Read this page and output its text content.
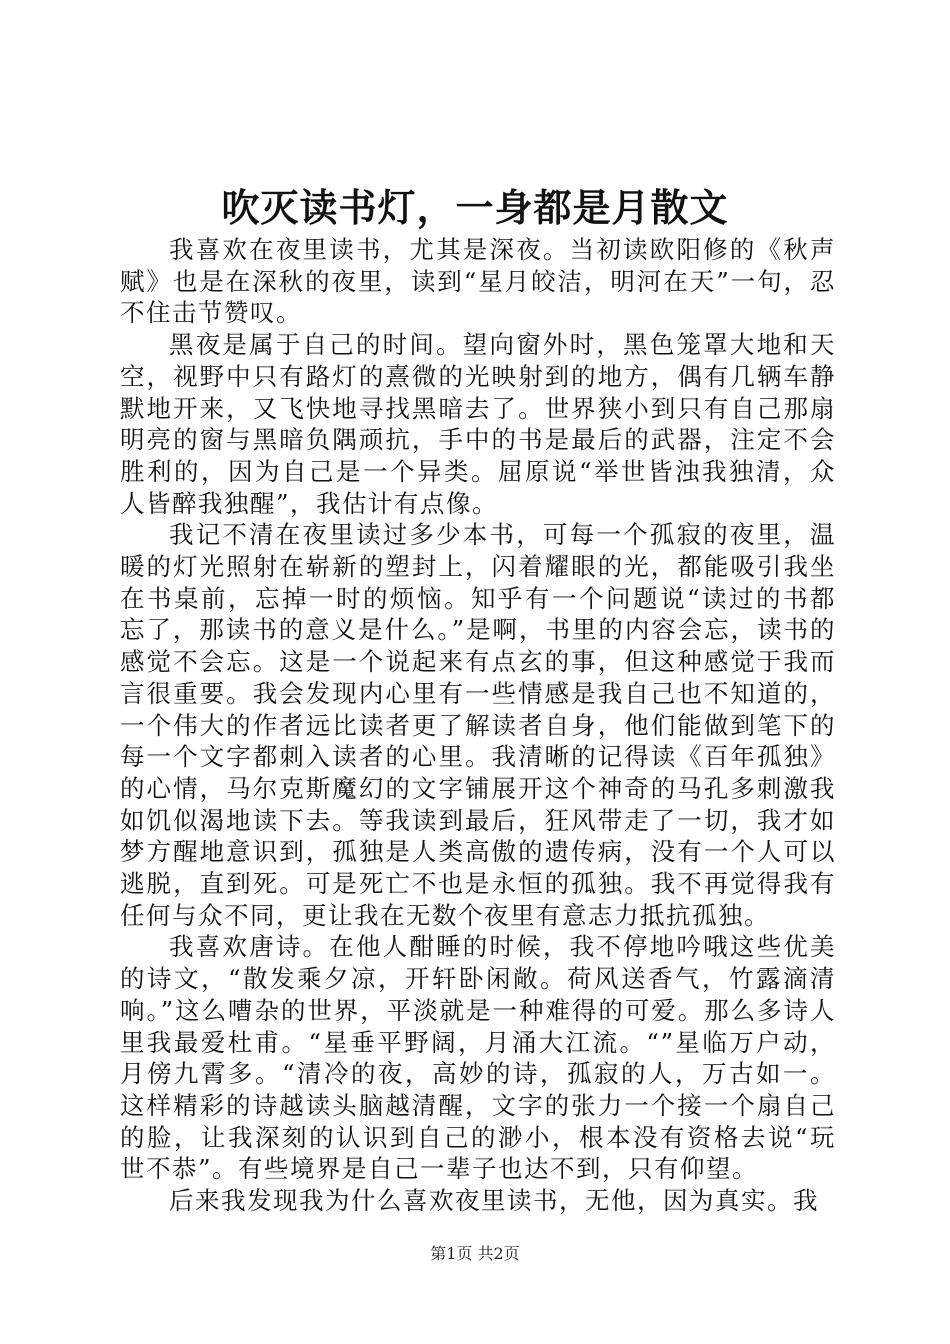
吹灭读书灯，一身都是月散文

我喜欢在夜里读书，尤其是深夜。当初读欧阳修的《秋声赋》也是在深秋的夜里，读到“星月皎洁，明河在天”一句，忍不住击节赞叹。

黑夜是属于自己的时间。望向窗外时，黑色笼罩大地和天空，视野中只有路灯的熹微的光映射到的地方，偶有几辆车静默地开来，又飞快地寻找黑暗去了。世界狭小到只有自己那扇明亮的窗与黑暗负隅顽抗，手中的书是最后的武器，注定不会胜利的，因为自己是一个异类。屈原说“举世皆浊我独清，众人皆醉我独醒”，我估计有点像。

我记不清在夜里读过多少本书，可每一个孤寂的夜里，温暖的灯光照射在崭新的塑封上，闪着耀眼的光，都能吸引我坐在书桌前，忘掉一时的烦恼。知乎有一个问题说“读过的书都忘了，那读书的意义是什么。”是啊，书里的内容会忘，读书的感觉不会忘。这是一个说起来有点玄的事，但这种感觉于我而言很重要。我会发现内心里有一些情感是我自己也不知道的，一个伟大的作者远比读者更了解读者自身，他们能做到笔下的每一个文字都刺入读者的心里。我清晰的记得读《百年孤独》的心情，马尔克斯魔幻的文字铺展开这个神奇的马孔多刺激我如饥似渴地读下去。等我读到最后，狂风带走了一切，我才如梦方醒地意识到，孤独是人类高傲的遗传病，没有一个人可以逃脱，直到死。可是死亡不也是永恒的孤独。我不再觉得我有任何与众不同，更让我在无数个夜里有意志力抵抗孤独。

我喜欢唐诗。在他人酣睡的时候，我不停地吟哦这些优美的诗文，“散发乘夕凉，开轩卧闲敞。荷风送香气，竹露滴清响。”这么嘈杂的世界，平淡就是一种难得的可爱。那么多诗人里我最爱杜甫。“星垂平野阔，月涌大江流。“”星临万户动，月傍九霄多。“清冷的夜，高妙的诗，孤寂的人，万古如一。这样精彩的诗越读头脑越清醒，文字的张力一个接一个扇自己的脸，让我深刻的认识到自己的渺小，根本没有资格去说“玩世不恭”。有些境界是自己一辈子也达不到，只有仰望。

后来我发现我为什么喜欢夜里读书，无他，因为真实。我

第1页 共2页
